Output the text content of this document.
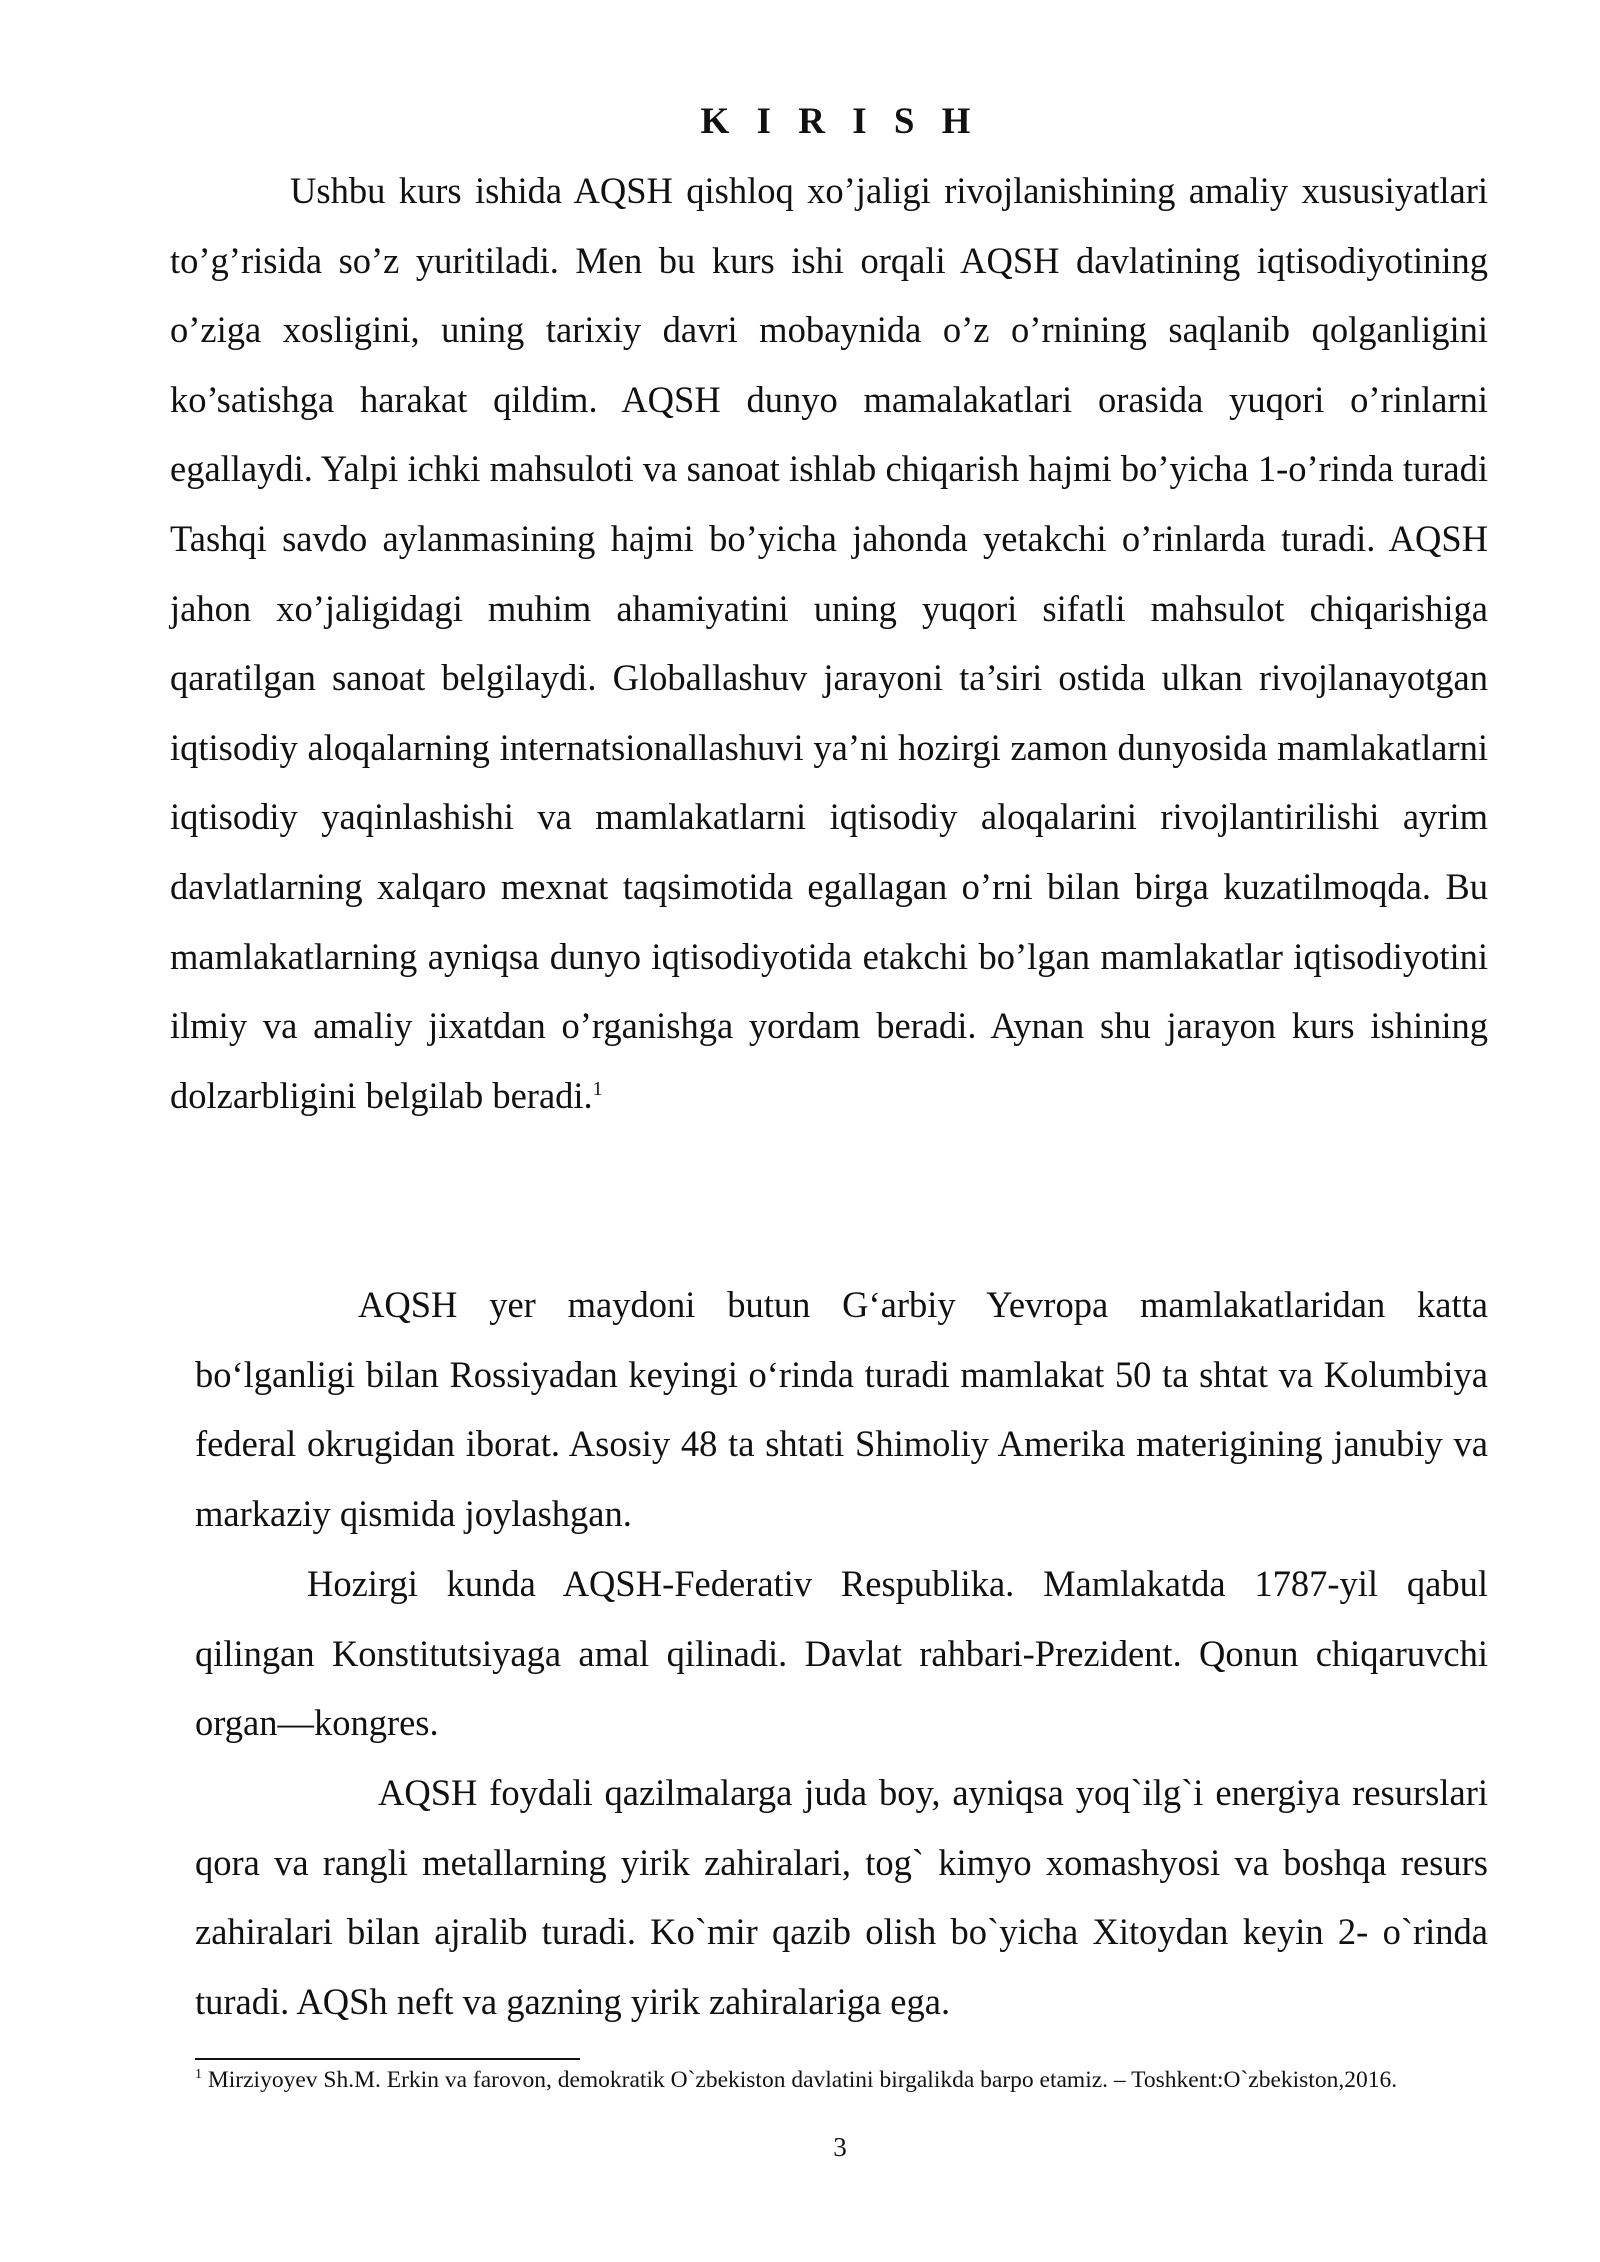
K I R I S H

Ushbu kurs ishida AQSH qishloq xo’jaligi rivojlanishining amaliy xususiyatlari to’g’risida so’z yuritiladi. Men bu kurs ishi orqali AQSH davlatining iqtisodiyotining o’ziga xosligini, uning tarixiy davri mobaynida o’z o’rnining saqlanib qolganligini ko’satishga harakat qildim. AQSH dunyo mamalakatlari orasida yuqori o’rinlarni egallaydi. Yalpi ichki mahsuloti va sanoat ishlab chiqarish hajmi bo’yicha 1-o’rinda turadi Tashqi savdo aylanmasining hajmi bo’yicha jahonda yetakchi o’rinlarda turadi. AQSH jahon xo’jaligidagi muhim ahamiyatini uning yuqori sifatli mahsulot chiqarishiga qaratilgan sanoat belgilaydi. Globallashuv jarayoni ta’siri ostida ulkan rivojlanayotgan iqtisodiy aloqalarning internatsionallashuvi ya’ni hozirgi zamon dunyosida mamlakatlarni iqtisodiy yaqinlashishi va mamlakatlarni iqtisodiy aloqalarini rivojlantirilishi ayrim davlatlarning xalqaro mexnat taqsimotida egallagan o’rni bilan birga kuzatilmoqda. Bu mamlakatlarning ayniqsa dunyo iqtisodiyotida etakchi bo’lgan mamlakatlar iqtisodiyotini ilmiy va amaliy jixatdan o’rganishga yordam beradi. Aynan shu jarayon kurs ishining dolzarbligini belgilab beradi.$^1$

AQSH yer maydoni butun G‘arbiy Yevropa mamlakatlaridan katta bo‘lganligi bilan Rossiyadan keyingi o‘rinda turadi mamlakat 50 ta shtat va Kolumbiya federal okrugidan iborat. Asosiy 48 ta shtati Shimoliy Amerika materigining janubiy va markaziy qismida joylashgan.

Hozirgi kunda AQSH-Federativ Respublika. Mamlakatda 1787-yil qabul qilingan Konstitutsiyaga amal qilinadi. Davlat rahbari-Prezident. Qonun chiqaruvchi organ—kongres.

AQSH foydali qazilmalarga juda boy, ayniqsa yoq`ilg`i energiya resurslari qora va rangli metallarning yirik zahiralari, tog` kimyo xomashyosi va boshqa resurs zahiralari bilan ajralib turadi. Ko`mir qazib olish bo`yicha Xitoydan keyin 2- o`rinda turadi. AQSh neft va gazning yirik zahiralariga ega.

$^1$ Mirziyoyev Sh.M. Erkin va farovon, demokratik O`zbekiston davlatini birgalikda barpo etamiz. – Toshkent:O`zbekiston,2016.
3
